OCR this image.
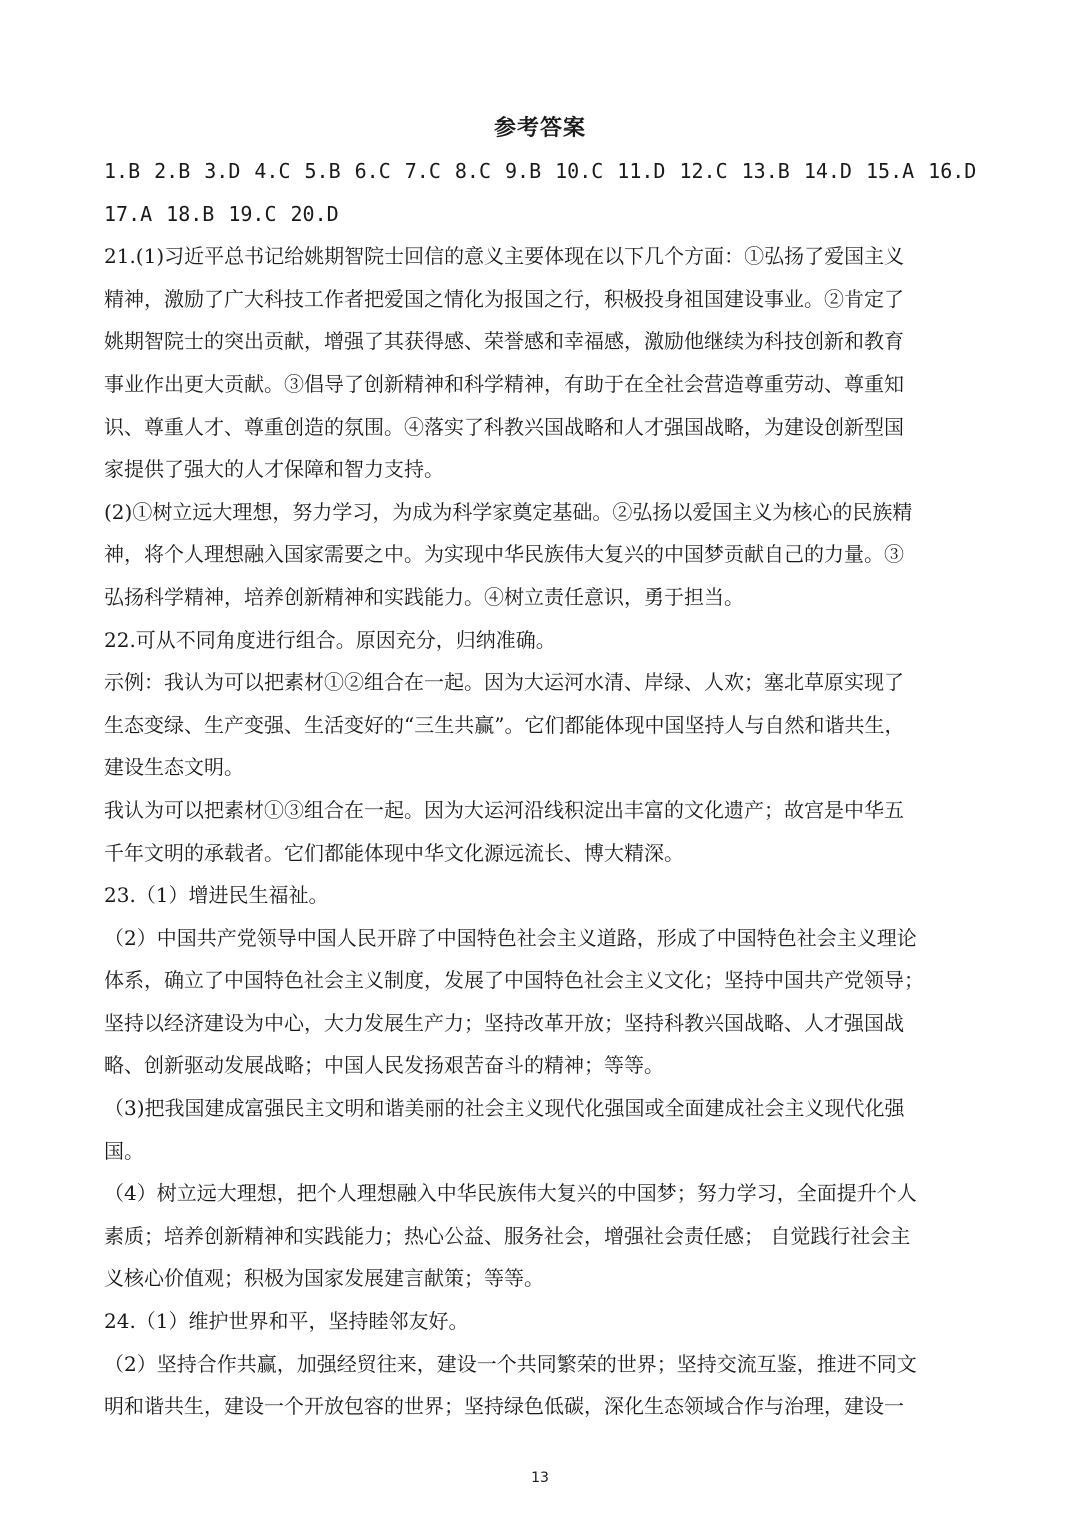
参考答案
1.B 2.B 3.D 4.C 5.B 6.C 7.C 8.C 9.B 10.C 11.D 12.C 13.B 14.D 15.A 16.D
17.A 18.B 19.C 20.D
21.(1)习近平总书记给姚期智院士回信的意义主要体现在以下几个方面：①弘扬了爱国主义
精神，激励了广大科技工作者把爱国之情化为报国之行，积极投身祖国建设事业。②肯定了
姚期智院士的突出贡献，增强了其获得感、荣誉感和幸福感，激励他继续为科技创新和教育
事业作出更大贡献。③倡导了创新精神和科学精神，有助于在全社会营造尊重劳动、尊重知
识、尊重人才、尊重创造的氛围。④落实了科教兴国战略和人才强国战略，为建设创新型国
家提供了强大的人才保障和智力支持。
(2)①树立远大理想，努力学习，为成为科学家奠定基础。②弘扬以爱国主义为核心的民族精
神，将个人理想融入国家需要之中。为实现中华民族伟大复兴的中国梦贡献自己的力量。③
弘扬科学精神，培养创新精神和实践能力。④树立责任意识，勇于担当。
22.可从不同角度进行组合。原因充分，归纳准确。
示例：我认为可以把素材①②组合在一起。因为大运河水清、岸绿、人欢；塞北草原实现了
生态变绿、生产变强、生活变好的“三生共赢”。它们都能体现中国坚持人与自然和谐共生，
建设生态文明。
我认为可以把素材①③组合在一起。因为大运河沿线积淀出丰富的文化遗产；故宫是中华五
千年文明的承载者。它们都能体现中华文化源远流长、博大精深。
23.（1）增进民生福祉。
（2）中国共产党领导中国人民开辟了中国特色社会主义道路，形成了中国特色社会主义理论
体系，确立了中国特色社会主义制度，发展了中国特色社会主义文化；坚持中国共产党领导；
坚持以经济建设为中心，大力发展生产力；坚持改革开放；坚持科教兴国战略、人才强国战
略、创新驱动发展战略；中国人民发扬艰苦奋斗的精神；等等。
（3)把我国建成富强民主文明和谐美丽的社会主义现代化强国或全面建成社会主义现代化强
国。
（4）树立远大理想，把个人理想融入中华民族伟大复兴的中国梦；努力学习，全面提升个人
素质；培养创新精神和实践能力；热心公益、服务社会，增强社会责任感； 自觉践行社会主
义核心价值观；积极为国家发展建言献策；等等。
24.（1）维护世界和平，坚持睦邻友好。
（2）坚持合作共赢，加强经贸往来，建设一个共同繁荣的世界；坚持交流互鉴，推进不同文
明和谐共生，建设一个开放包容的世界；坚持绿色低碳，深化生态领域合作与治理，建设一
13
